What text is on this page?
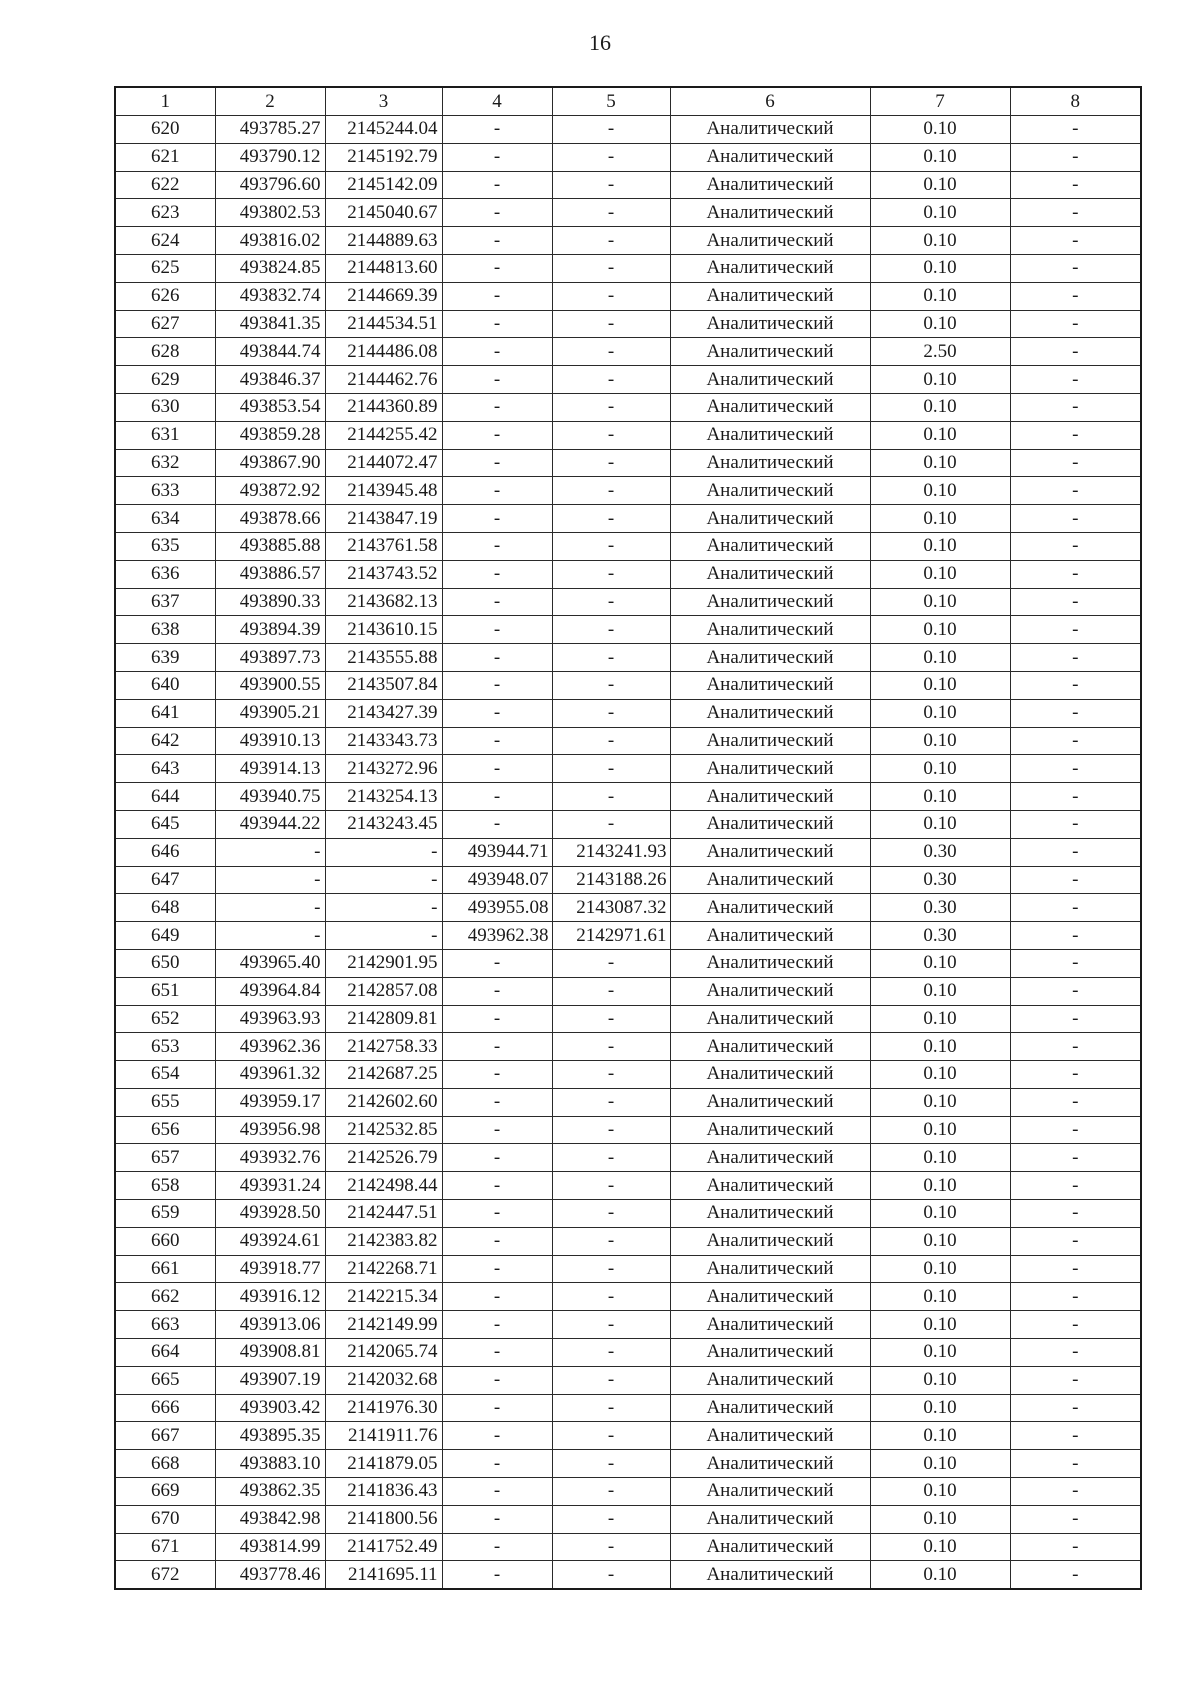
16
1	2	3	4	5	6	7	8
620	493785.27	2145244.04	-	-	Аналитический	0.10	-
621	493790.12	2145192.79	-	-	Аналитический	0.10	-
622	493796.60	2145142.09	-	-	Аналитический	0.10	-
623	493802.53	2145040.67	-	-	Аналитический	0.10	-
624	493816.02	2144889.63	-	-	Аналитический	0.10	-
625	493824.85	2144813.60	-	-	Аналитический	0.10	-
626	493832.74	2144669.39	-	-	Аналитический	0.10	-
627	493841.35	2144534.51	-	-	Аналитический	0.10	-
628	493844.74	2144486.08	-	-	Аналитический	2.50	-
629	493846.37	2144462.76	-	-	Аналитический	0.10	-
630	493853.54	2144360.89	-	-	Аналитический	0.10	-
631	493859.28	2144255.42	-	-	Аналитический	0.10	-
632	493867.90	2144072.47	-	-	Аналитический	0.10	-
633	493872.92	2143945.48	-	-	Аналитический	0.10	-
634	493878.66	2143847.19	-	-	Аналитический	0.10	-
635	493885.88	2143761.58	-	-	Аналитический	0.10	-
636	493886.57	2143743.52	-	-	Аналитический	0.10	-
637	493890.33	2143682.13	-	-	Аналитический	0.10	-
638	493894.39	2143610.15	-	-	Аналитический	0.10	-
639	493897.73	2143555.88	-	-	Аналитический	0.10	-
640	493900.55	2143507.84	-	-	Аналитический	0.10	-
641	493905.21	2143427.39	-	-	Аналитический	0.10	-
642	493910.13	2143343.73	-	-	Аналитический	0.10	-
643	493914.13	2143272.96	-	-	Аналитический	0.10	-
644	493940.75	2143254.13	-	-	Аналитический	0.10	-
645	493944.22	2143243.45	-	-	Аналитический	0.10	-
646	-	-	493944.71	2143241.93	Аналитический	0.30	-
647	-	-	493948.07	2143188.26	Аналитический	0.30	-
648	-	-	493955.08	2143087.32	Аналитический	0.30	-
649	-	-	493962.38	2142971.61	Аналитический	0.30	-
650	493965.40	2142901.95	-	-	Аналитический	0.10	-
651	493964.84	2142857.08	-	-	Аналитический	0.10	-
652	493963.93	2142809.81	-	-	Аналитический	0.10	-
653	493962.36	2142758.33	-	-	Аналитический	0.10	-
654	493961.32	2142687.25	-	-	Аналитический	0.10	-
655	493959.17	2142602.60	-	-	Аналитический	0.10	-
656	493956.98	2142532.85	-	-	Аналитический	0.10	-
657	493932.76	2142526.79	-	-	Аналитический	0.10	-
658	493931.24	2142498.44	-	-	Аналитический	0.10	-
659	493928.50	2142447.51	-	-	Аналитический	0.10	-
660	493924.61	2142383.82	-	-	Аналитический	0.10	-
661	493918.77	2142268.71	-	-	Аналитический	0.10	-
662	493916.12	2142215.34	-	-	Аналитический	0.10	-
663	493913.06	2142149.99	-	-	Аналитический	0.10	-
664	493908.81	2142065.74	-	-	Аналитический	0.10	-
665	493907.19	2142032.68	-	-	Аналитический	0.10	-
666	493903.42	2141976.30	-	-	Аналитический	0.10	-
667	493895.35	2141911.76	-	-	Аналитический	0.10	-
668	493883.10	2141879.05	-	-	Аналитический	0.10	-
669	493862.35	2141836.43	-	-	Аналитический	0.10	-
670	493842.98	2141800.56	-	-	Аналитический	0.10	-
671	493814.99	2141752.49	-	-	Аналитический	0.10	-
672	493778.46	2141695.11	-	-	Аналитический	0.10	-
